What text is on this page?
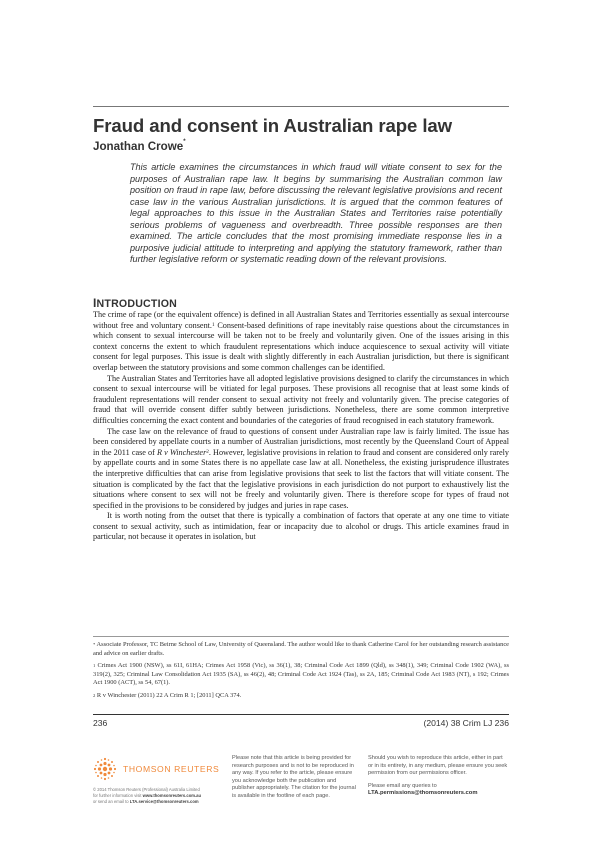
Fraud and consent in Australian rape law
Jonathan Crowe*
This article examines the circumstances in which fraud will vitiate consent to sex for the purposes of Australian rape law. It begins by summarising the Australian common law position on fraud in rape law, before discussing the relevant legislative provisions and recent case law in the various Australian jurisdictions. It is argued that the common features of legal approaches to this issue in the Australian States and Territories raise potentially serious problems of vagueness and overbreadth. Three possible responses are then examined. The article concludes that the most promising immediate response lies in a purposive judicial attitude to interpreting and applying the statutory framework, rather than further legislative reform or systematic reading down of the relevant provisions.
INTRODUCTION

The crime of rape (or the equivalent offence) is defined in all Australian States and Territories essentially as sexual intercourse without free and voluntary consent.$^1$ Consent-based definitions of rape inevitably raise questions about the circumstances in which consent to sexual intercourse will be taken not to be freely and voluntarily given. One of the issues arising in this context concerns the extent to which fraudulent representations which induce acquiescence to sexual activity will vitiate consent for legal purposes. This issue is dealt with slightly differently in each Australian jurisdiction, but there is significant overlap between the statutory provisions and some common challenges can be identified.

The Australian States and Territories have all adopted legislative provisions designed to clarify the circumstances in which consent to sexual intercourse will be vitiated for legal purposes. These provisions all recognise that at least some kinds of fraudulent representations will render consent to sexual activity not freely and voluntarily given. The precise categories of fraud that will override consent differ subtly between jurisdictions. Nonetheless, there are some common interpretive difficulties concerning the exact content and boundaries of the categories of fraud recognised in each statutory framework.

The case law on the relevance of fraud to questions of consent under Australian rape law is fairly limited. The issue has been considered by appellate courts in a number of Australian jurisdictions, most recently by the Queensland Court of Appeal in the 2011 case of R v Winchester$^2$. However, legislative provisions in relation to fraud and consent are considered only rarely by appellate courts and in some States there is no appellate case law at all. Nonetheless, the existing jurisprudence illustrates the interpretive difficulties that can arise from legislative provisions that seek to list the factors that will vitiate consent. The situation is complicated by the fact that the legislative provisions in each jurisdiction do not purport to exhaustively list the situations where consent to sex will not be freely and voluntarily given. There is therefore scope for types of fraud not specified in the provisions to be considered by judges and juries in rape cases.

It is worth noting from the outset that there is typically a combination of factors that operate at any one time to vitiate consent to sexual activity, such as intimidation, fear or incapacity due to alcohol or drugs. This article examines fraud in particular, not because it operates in isolation, but

* Associate Professor, TC Beirne School of Law, University of Queensland. The author would like to thank Catherine Carol for her outstanding research assistance and advice on earlier drafts.

$^1$ Crimes Act 1900 (NSW), ss 61I, 61HA; Crimes Act 1958 (Vic), ss 36(1), 38; Criminal Code Act 1899 (Qld), ss 348(1), 349; Criminal Code 1902 (WA), ss 319(2), 325; Criminal Law Consolidation Act 1935 (SA), ss 46(2), 48; Criminal Code Act 1924 (Tas), ss 2A, 185; Criminal Code Act 1983 (NT), s 192; Crimes Act 1900 (ACT), ss 54, 67(1).

$^2$ R v Winchester (2011) 22 A Crim R 1; [2011] QCA 374.

236	(2014) 38 Crim LJ 236
THOMSON REUTERS
© 2014 Thomson Reuters (Professional) Australia Limited
for further information visit www.thomsonreuters.com.au
or send an email to LTA.service@thomsonreuters.com
Please note that this article is being provided for research purposes and is not to be reproduced in any way. If you refer to the article, please ensure you acknowledge both the publication and publisher appropriately. The citation for the journal is available in the footline of each page.
Should you wish to reproduce this article, either in part or in its entirety, in any medium, please ensure you seek permission from our permissions officer.
Please email any queries to
LTA.permissions@thomsonreuters.com
